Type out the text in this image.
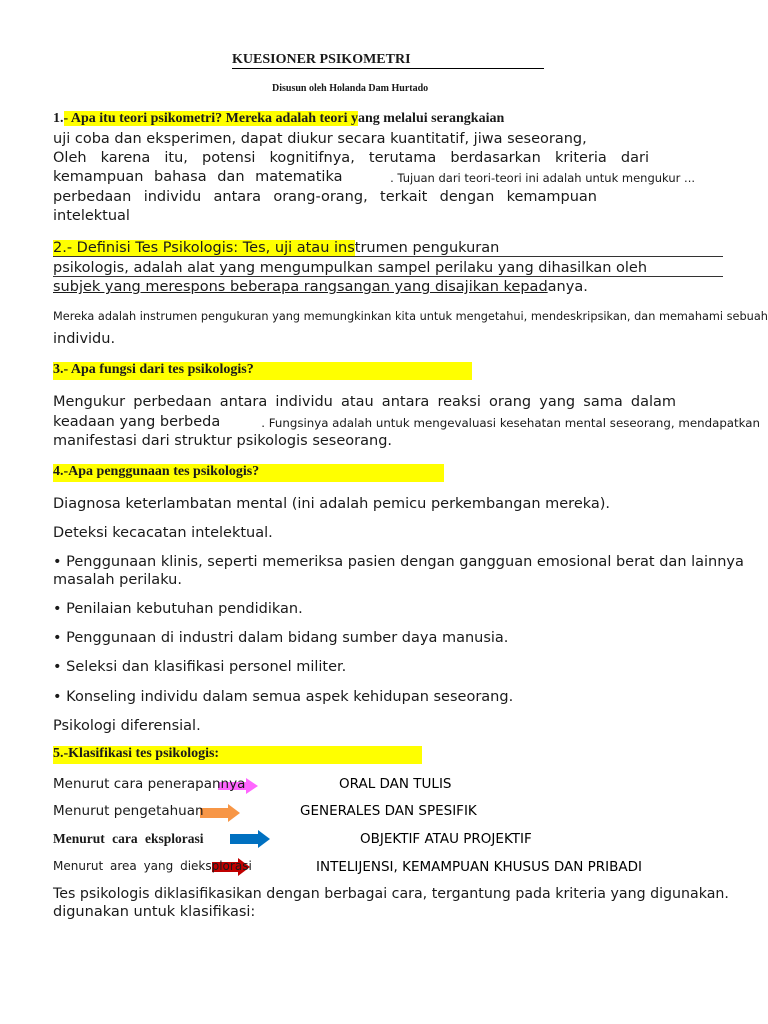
KUESIONER PSIKOMETRI
Disusun oleh Holanda Dam Hurtado
1.- Apa itu teori psikometri? Mereka adalah teori yang melalui serangkaian
uji coba dan eksperimen, dapat diukur secara kuantitatif, jiwa seseorang,
Oleh karena itu, potensi kognitifnya, terutama berdasarkan kriteria dari
kemampuan bahasa dan matematika	. Tujuan dari teori-teori ini adalah untuk mengukur ...
perbedaan individu antara orang-orang, terkait dengan kemampuan
intelektual
2.- Definisi Tes Psikologis: Tes, uji atau instrumen pengukuran
psikologis, adalah alat yang mengumpulkan sampel perilaku yang dihasilkan oleh
subjek yang merespons beberapa rangsangan yang disajikan kepadanya.
Mereka adalah instrumen pengukuran yang memungkinkan kita untuk mengetahui, mendeskripsikan, dan memahami sebuah
individu.
3.- Apa fungsi dari tes psikologis?
Mengukur perbedaan antara individu atau antara reaksi orang yang sama dalam
keadaan yang berbeda	. Fungsinya adalah untuk mengevaluasi kesehatan mental seseorang, mendapatkan
manifestasi dari struktur psikologis seseorang.
4.-Apa penggunaan tes psikologis?
Diagnosa keterlambatan mental (ini adalah pemicu perkembangan mereka).
Deteksi kecacatan intelektual.
• Penggunaan klinis, seperti memeriksa pasien dengan gangguan emosional berat dan lainnya
masalah perilaku.
• Penilaian kebutuhan pendidikan.
• Penggunaan di industri dalam bidang sumber daya manusia.
• Seleksi dan klasifikasi personel militer.
• Konseling individu dalam semua aspek kehidupan seseorang.
Psikologi diferensial.
5.-Klasifikasi tes psikologis:
Menurut cara penerapannya	ORAL DAN TULIS
Menurut pengetahuan	GENERALES DAN SPESIFIK
Menurut cara eksplorasi	OBJEKTIF ATAU PROJEKTIF
Menurut area yang dieksplorasi	INTELIJENSI, KEMAMPUAN KHUSUS DAN PRIBADI
Tes psikologis diklasifikasikan dengan berbagai cara, tergantung pada kriteria yang digunakan.
digunakan untuk klasifikasi:
